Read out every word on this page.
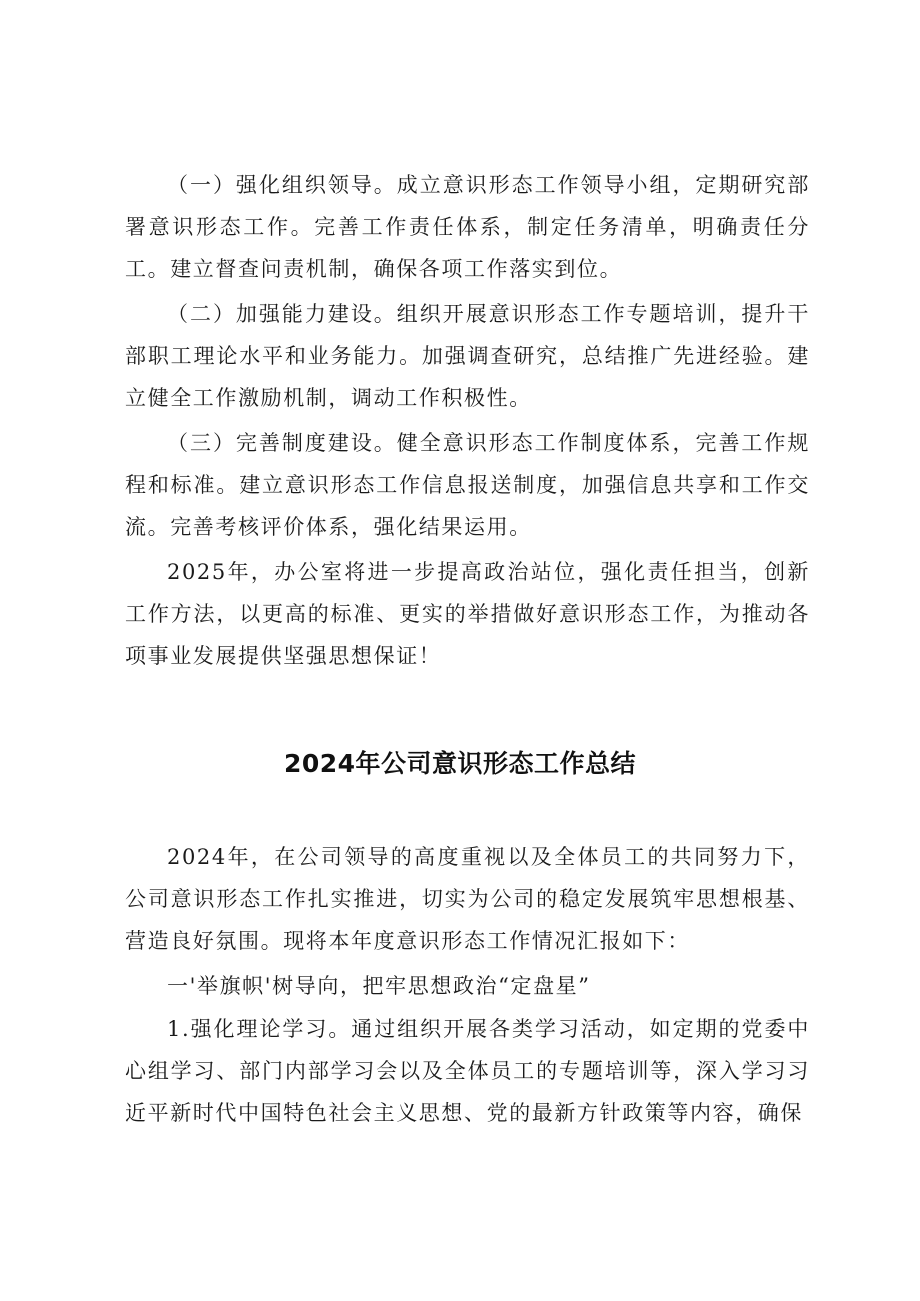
（一）强化组织领导。成立意识形态工作领导小组，定期研究部署意识形态工作。完善工作责任体系，制定任务清单，明确责任分工。建立督查问责机制，确保各项工作落实到位。

（二）加强能力建设。组织开展意识形态工作专题培训，提升干部职工理论水平和业务能力。加强调查研究，总结推广先进经验。建立健全工作激励机制，调动工作积极性。

（三）完善制度建设。健全意识形态工作制度体系，完善工作规程和标准。建立意识形态工作信息报送制度，加强信息共享和工作交流。完善考核评价体系，强化结果运用。

2025年，办公室将进一步提高政治站位，强化责任担当，创新工作方法，以更高的标准、更实的举措做好意识形态工作，为推动各项事业发展提供坚强思想保证！

2024年公司意识形态工作总结

2024年，在公司领导的高度重视以及全体员工的共同努力下，公司意识形态工作扎实推进，切实为公司的稳定发展筑牢思想根基、营造良好氛围。现将本年度意识形态工作情况汇报如下：

一'举旗帜'树导向，把牢思想政治“定盘星”

1.强化理论学习。通过组织开展各类学习活动，如定期的党委中心组学习、部门内部学习会以及全体员工的专题培训等，深入学习习近平新时代中国特色社会主义思想、党的最新方针政策等内容，确保
